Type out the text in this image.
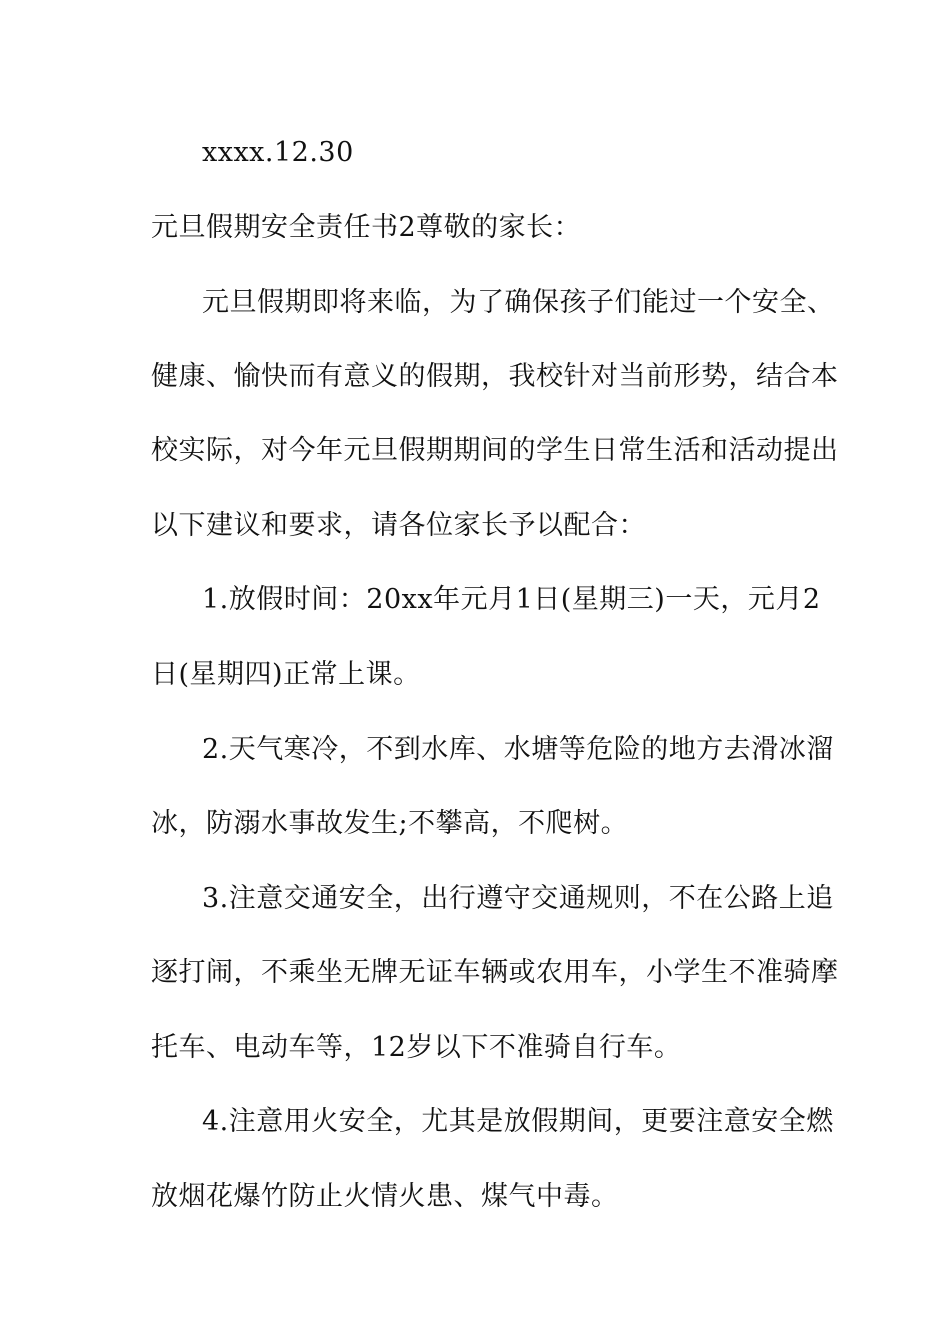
xxxx.12.30
元旦假期安全责任书2尊敬的家长：
元旦假期即将来临，为了确保孩子们能过一个安全、
健康、愉快而有意义的假期，我校针对当前形势，结合本
校实际，对今年元旦假期期间的学生日常生活和活动提出
以下建议和要求，请各位家长予以配合：
1.放假时间：20xx年元月1日(星期三)一天，元月2
日(星期四)正常上课。
2.天气寒冷，不到水库、水塘等危险的地方去滑冰溜
冰，防溺水事故发生;不攀高，不爬树。
3.注意交通安全，出行遵守交通规则，不在公路上追
逐打闹，不乘坐无牌无证车辆或农用车，小学生不准骑摩
托车、电动车等，12岁以下不准骑自行车。
4.注意用火安全，尤其是放假期间，更要注意安全燃
放烟花爆竹防止火情火患、煤气中毒。
